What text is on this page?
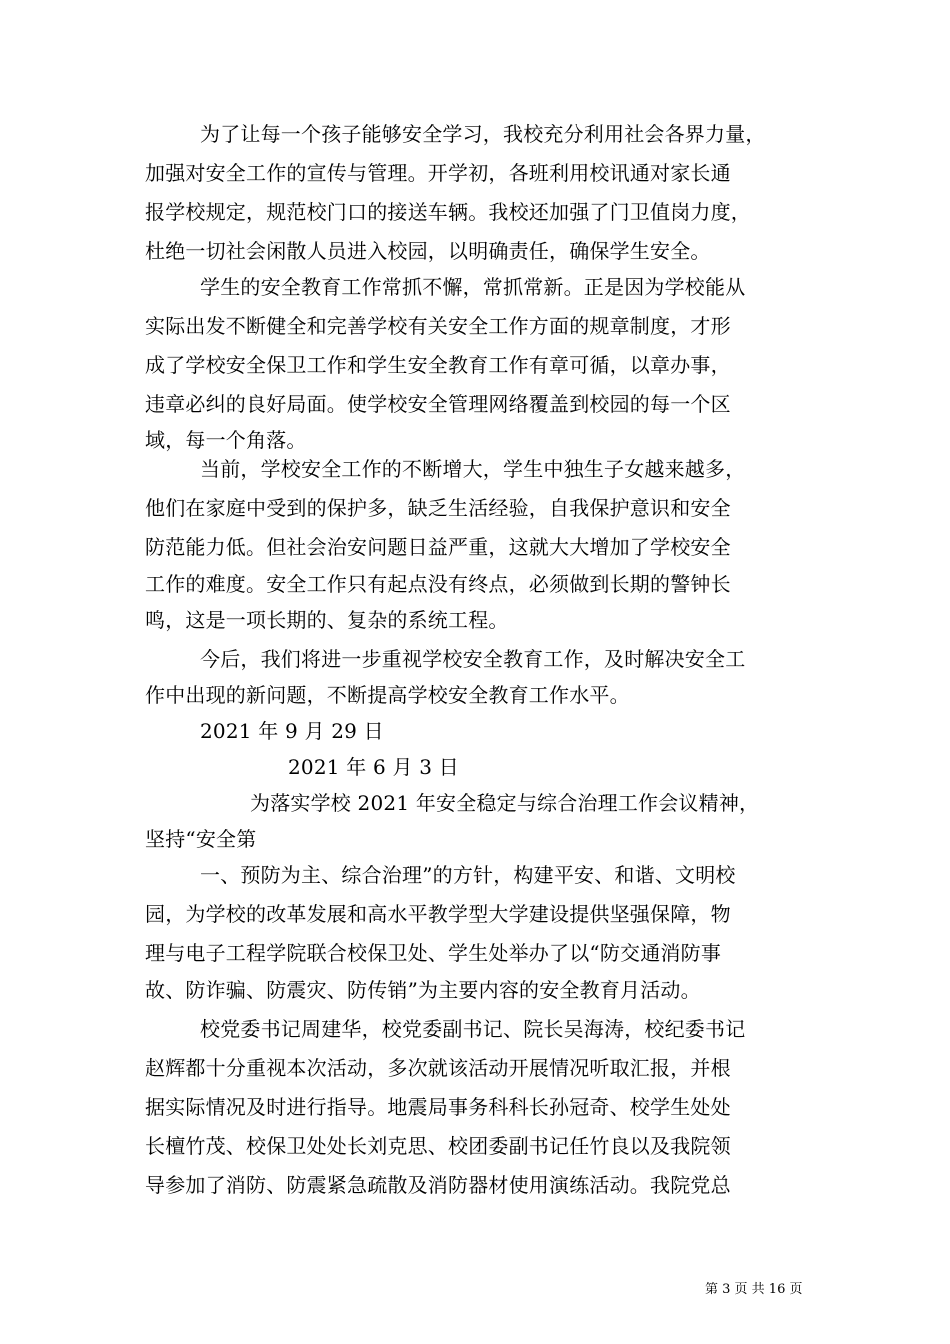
为了让每一个孩子能够安全学习，我校充分利用社会各界力量，
加强对安全工作的宣传与管理。开学初，各班利用校讯通对家长通
报学校规定，规范校门口的接送车辆。我校还加强了门卫值岗力度，
杜绝一切社会闲散人员进入校园，以明确责任，确保学生安全。
学生的安全教育工作常抓不懈，常抓常新。正是因为学校能从
实际出发不断健全和完善学校有关安全工作方面的规章制度，才形
成了学校安全保卫工作和学生安全教育工作有章可循，以章办事，
违章必纠的良好局面。使学校安全管理网络覆盖到校园的每一个区
域，每一个角落。
当前，学校安全工作的不断增大，学生中独生子女越来越多，
他们在家庭中受到的保护多，缺乏生活经验，自我保护意识和安全
防范能力低。但社会治安问题日益严重，这就大大增加了学校安全
工作的难度。安全工作只有起点没有终点，必须做到长期的警钟长
鸣，这是一项长期的、复杂的系统工程。
今后，我们将进一步重视学校安全教育工作，及时解决安全工
作中出现的新问题，不断提高学校安全教育工作水平。
2021 年 9 月 29 日
2021 年 6 月 3 日
为落实学校 2021 年安全稳定与综合治理工作会议精神，
坚持“安全第
一、预防为主、综合治理”的方针，构建平安、和谐、文明校
园，为学校的改革发展和高水平教学型大学建设提供坚强保障，物
理与电子工程学院联合校保卫处、学生处举办了以“防交通消防事
故、防诈骗、防震灾、防传销”为主要内容的安全教育月活动。
校党委书记周建华，校党委副书记、院长吴海涛，校纪委书记
赵辉都十分重视本次活动，多次就该活动开展情况听取汇报，并根
据实际情况及时进行指导。地震局事务科科长孙冠奇、校学生处处
长檀竹茂、校保卫处处长刘克思、校团委副书记任竹良以及我院领
导参加了消防、防震紧急疏散及消防器材使用演练活动。我院党总
第 3 页 共 16 页
